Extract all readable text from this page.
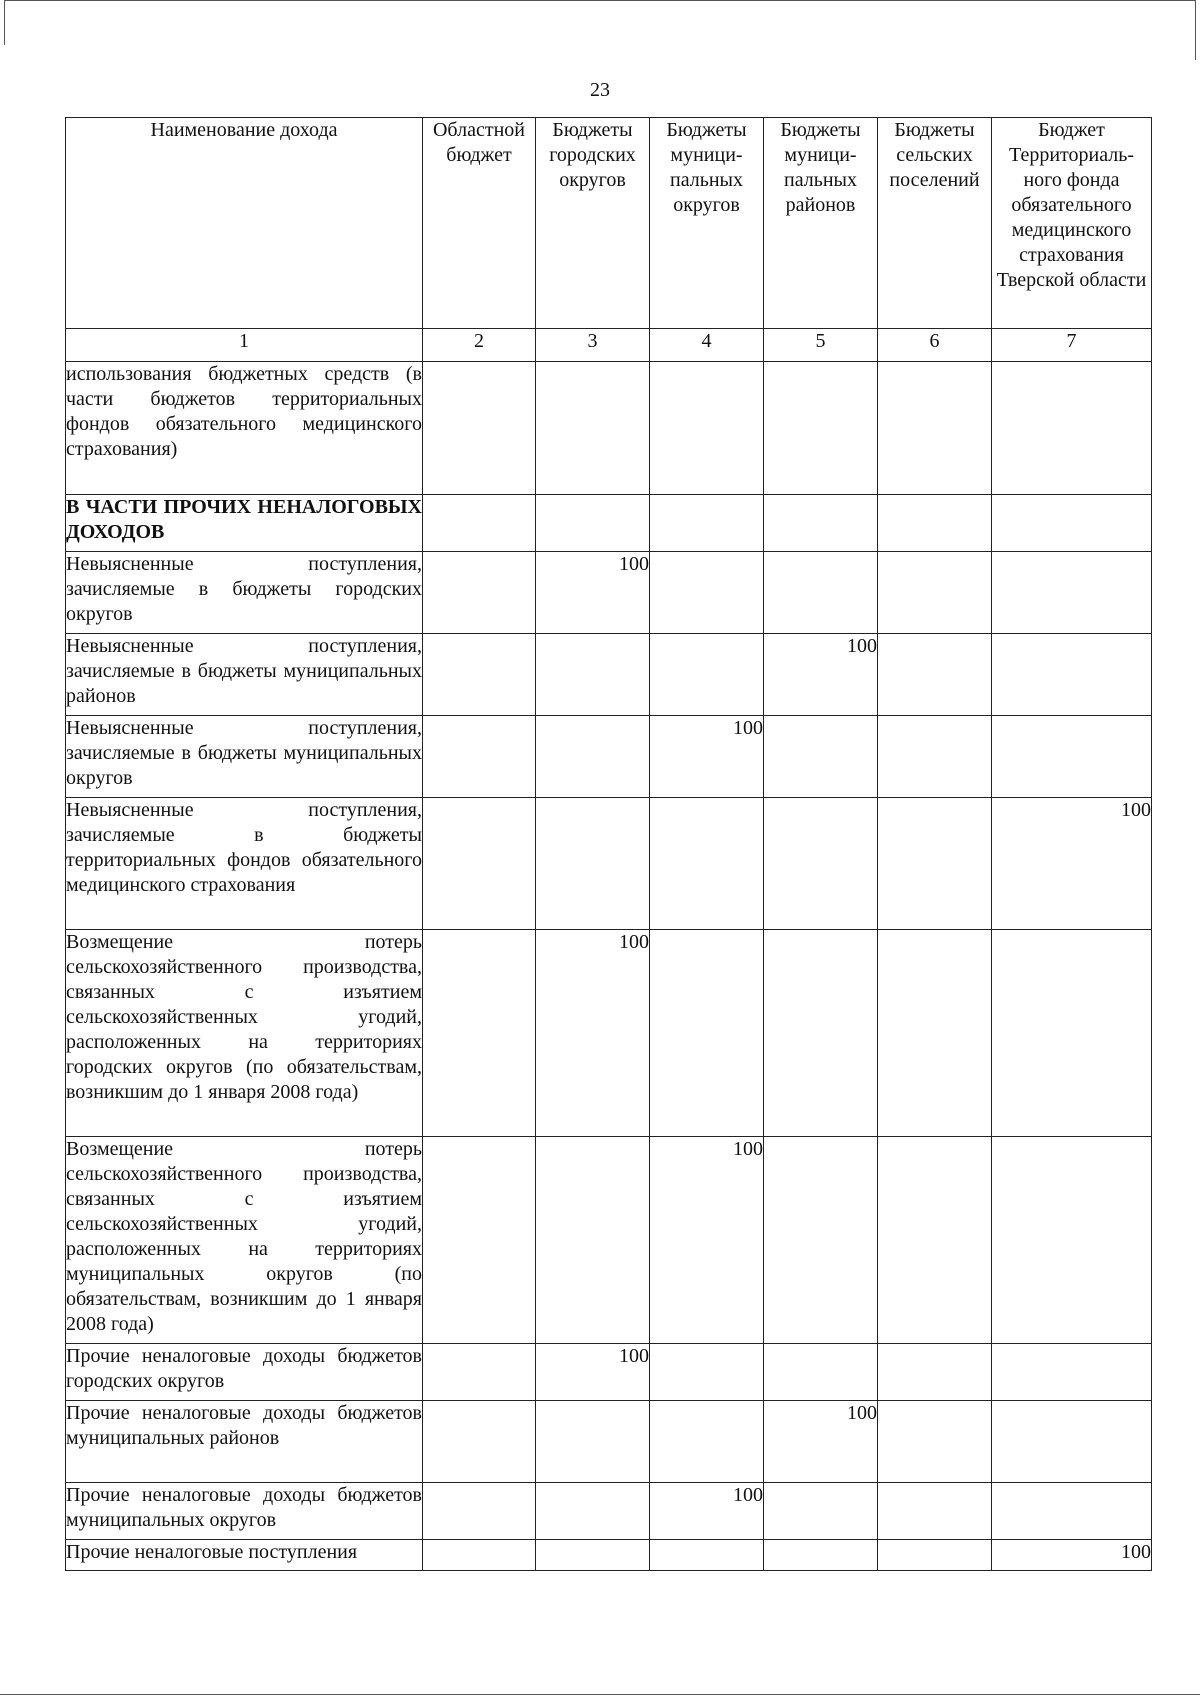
23
Наименование дохода	Областной бюджет	Бюджеты городских округов	Бюджеты муници-пальных округов	Бюджеты муници-пальных районов	Бюджеты сельских поселений	Бюджет Территориаль-ного фонда обязательного медицинского страхования Тверской области
1	2	3	4	5	6	7
использования бюджетных средств (в части бюджетов территориальных фондов обязательного медицинского страхования)						
В ЧАСТИ ПРОЧИХ НЕНАЛОГОВЫХ ДОХОДОВ						
Невыясненные поступления, зачисляемые в бюджеты городских округов		100				
Невыясненные поступления, зачисляемые в бюджеты муниципальных районов				100		
Невыясненные поступления, зачисляемые в бюджеты муниципальных округов			100			
Невыясненные поступления, зачисляемые в бюджеты территориальных фондов обязательного медицинского страхования						100
Возмещение потерь сельскохозяйственного производства, связанных с изъятием сельскохозяйственных угодий, расположенных на территориях городских округов (по обязательствам, возникшим до 1 января 2008 года)		100				
Возмещение потерь сельскохозяйственного производства, связанных с изъятием сельскохозяйственных угодий, расположенных на территориях муниципальных округов (по обязательствам, возникшим до 1 января 2008 года)			100			
Прочие неналоговые доходы бюджетов городских округов		100				
Прочие неналоговые доходы бюджетов муниципальных районов				100		
Прочие неналоговые доходы бюджетов муниципальных округов			100			
Прочие неналоговые поступления						100
